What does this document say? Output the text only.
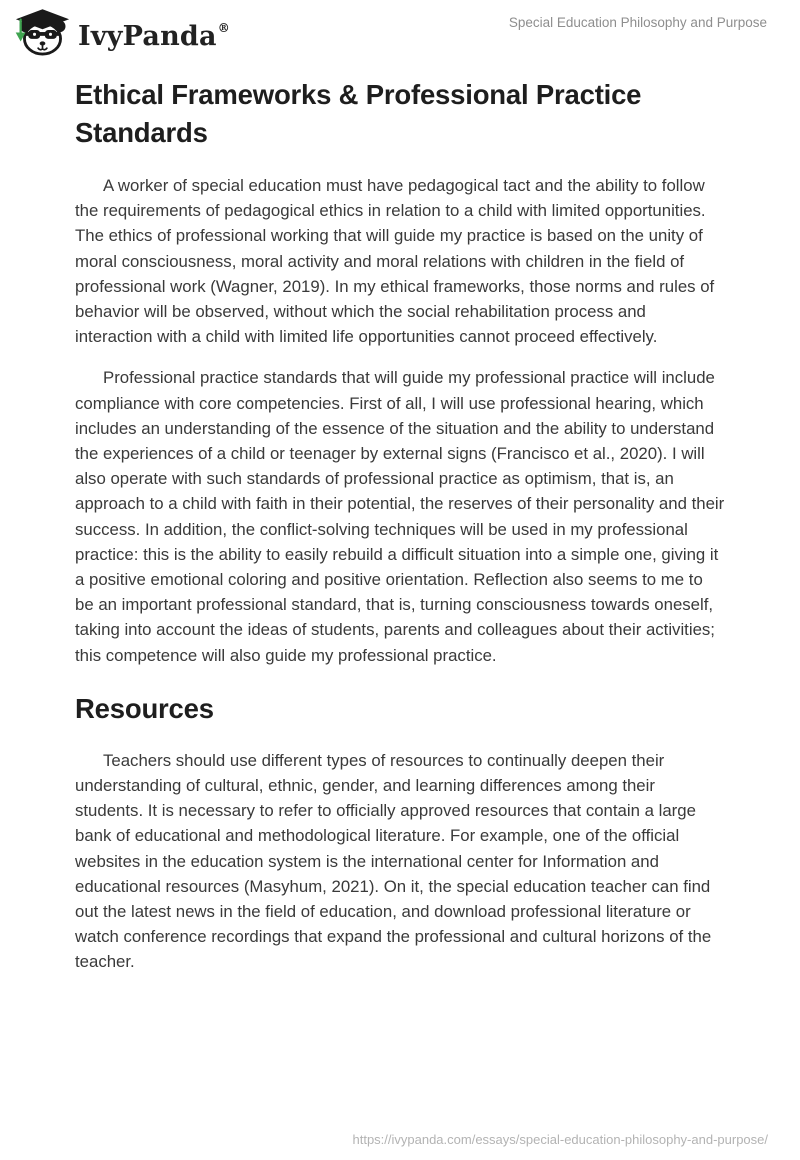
IvyPanda®	Special Education Philosophy and Purpose
Ethical Frameworks & Professional Practice Standards

A worker of special education must have pedagogical tact and the ability to follow the requirements of pedagogical ethics in relation to a child with limited opportunities. The ethics of professional working that will guide my practice is based on the unity of moral consciousness, moral activity and moral relations with children in the field of professional work (Wagner, 2019). In my ethical frameworks, those norms and rules of behavior will be observed, without which the social rehabilitation process and interaction with a child with limited life opportunities cannot proceed effectively.

Professional practice standards that will guide my professional practice will include compliance with core competencies. First of all, I will use professional hearing, which includes an understanding of the essence of the situation and the ability to understand the experiences of a child or teenager by external signs (Francisco et al., 2020). I will also operate with such standards of professional practice as optimism, that is, an approach to a child with faith in their potential, the reserves of their personality and their success. In addition, the conflict-solving techniques will be used in my professional practice: this is the ability to easily rebuild a difficult situation into a simple one, giving it a positive emotional coloring and positive orientation. Reflection also seems to me to be an important professional standard, that is, turning consciousness towards oneself, taking into account the ideas of students, parents and colleagues about their activities; this competence will also guide my professional practice.

Resources

Teachers should use different types of resources to continually deepen their understanding of cultural, ethnic, gender, and learning differences among their students. It is necessary to refer to officially approved resources that contain a large bank of educational and methodological literature. For example, one of the official websites in the education system is the international center for Information and educational resources (Masyhum, 2021). On it, the special education teacher can find out the latest news in the field of education, and download professional literature or watch conference recordings that expand the professional and cultural horizons of the teacher.

https://ivypanda.com/essays/special-education-philosophy-and-purpose/
